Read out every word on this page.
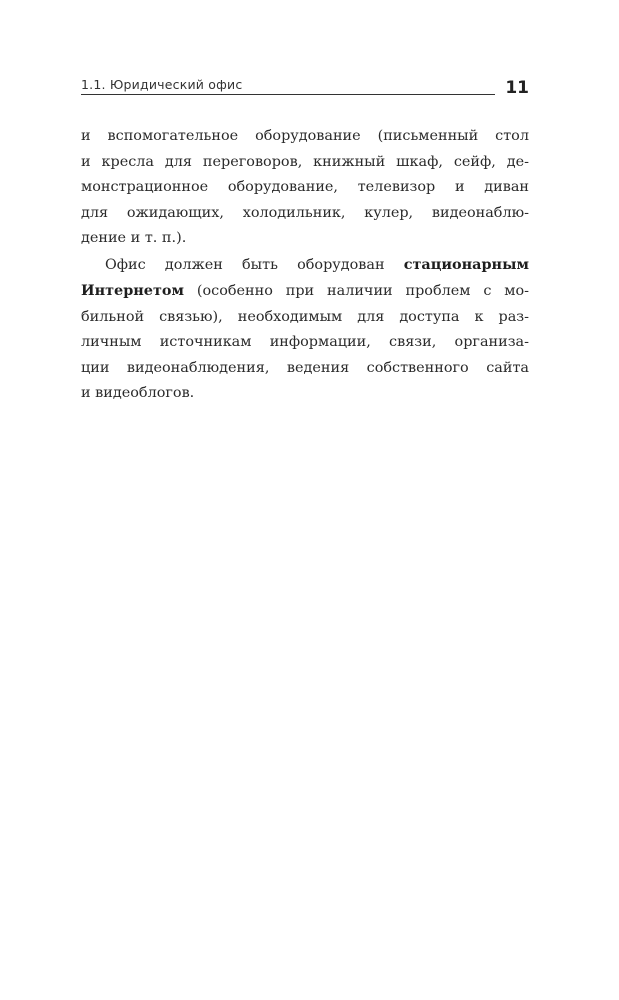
1.1. Юридический офис	11
и вспомогательное оборудование (письменный стол
и кресла для переговоров, книжный шкаф, сейф, де-
монстрационное оборудование, телевизор и диван
для ожидающих, холодильник, кулер, видеонаблю-
дение и т. п.).
Офис должен быть оборудован стационарным
Интернетом (особенно при наличии проблем с мо-
бильной связью), необходимым для доступа к раз-
личным источникам информации, связи, организа-
ции видеонаблюдения, ведения собственного сайта
и видеоблогов.
